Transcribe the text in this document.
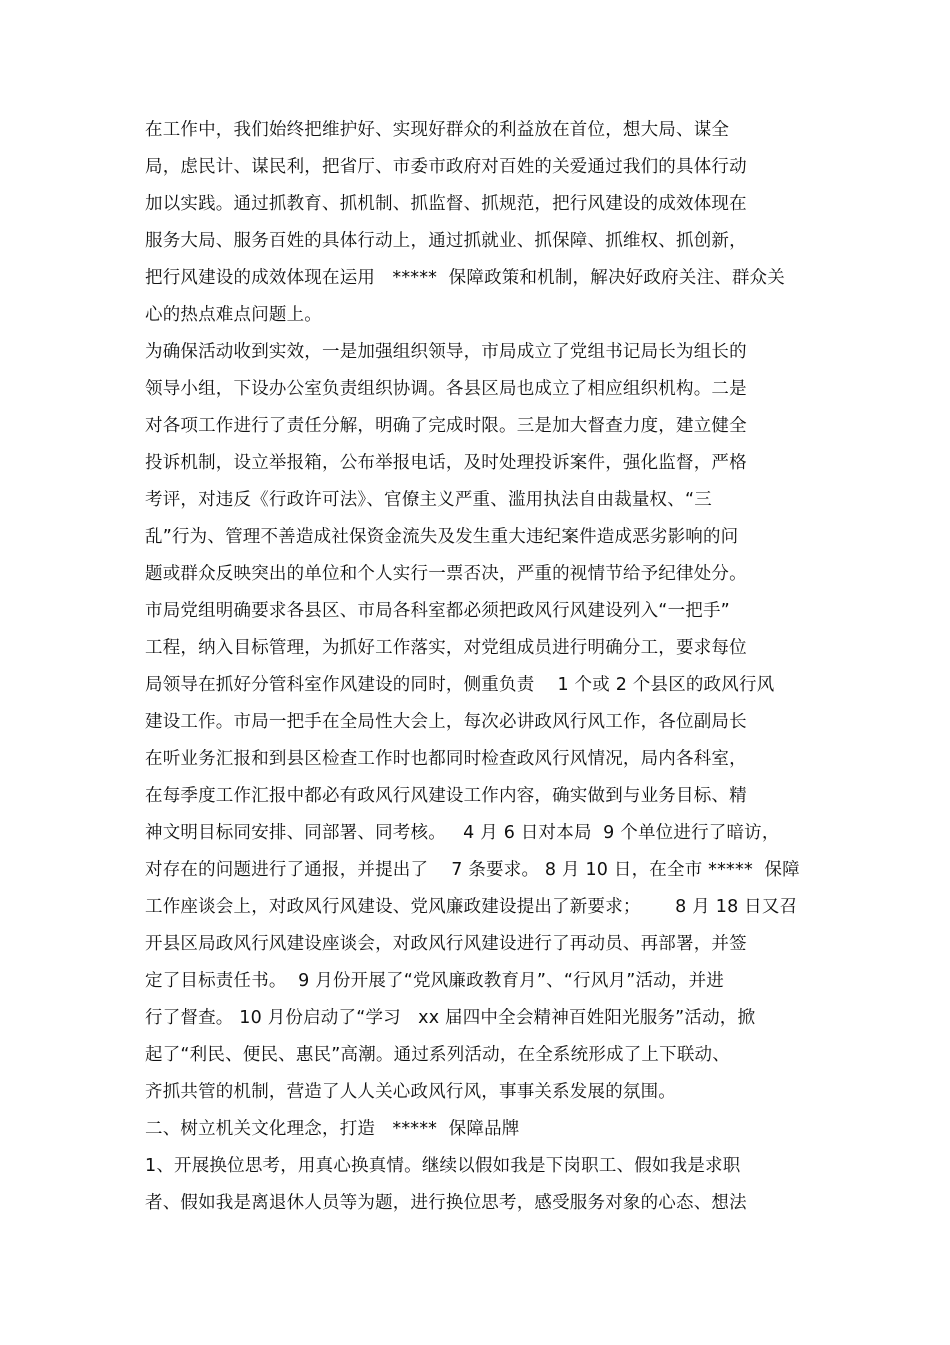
在工作中，我们始终把维护好、实现好群众的利益放在首位，想大局、谋全
局，虑民计、谋民利，把省厅、市委市政府对百姓的关爱通过我们的具体行动
加以实践。通过抓教育、抓机制、抓监督、抓规范，把行风建设的成效体现在
服务大局、服务百姓的具体行动上，通过抓就业、抓保障、抓维权、抓创新，
把行风建设的成效体现在运用   *****  保障政策和机制，解决好政府关注、群众关
心的热点难点问题上。
为确保活动收到实效，一是加强组织领导，市局成立了党组书记局长为组长的
领导小组，下设办公室负责组织协调。各县区局也成立了相应组织机构。二是
对各项工作进行了责任分解，明确了完成时限。三是加大督查力度，建立健全
投诉机制，设立举报箱，公布举报电话，及时处理投诉案件，强化监督，严格
考评，对违反《行政许可法》、官僚主义严重、滥用执法自由裁量权、“三
乱”行为、管理不善造成社保资金流失及发生重大违纪案件造成恶劣影响的问
题或群众反映突出的单位和个人实行一票否决，严重的视情节给予纪律处分。
市局党组明确要求各县区、市局各科室都必须把政风行风建设列入“一把手”
工程，纳入目标管理，为抓好工作落实，对党组成员进行明确分工，要求每位
局领导在抓好分管科室作风建设的同时，侧重负责    1 个或 2 个县区的政风行风
建设工作。市局一把手在全局性大会上，每次必讲政风行风工作，各位副局长
在听业务汇报和到县区检查工作时也都同时检查政风行风情况，局内各科室，
在每季度工作汇报中都必有政风行风建设工作内容，确实做到与业务目标、精
神文明目标同安排、同部署、同考核。   4 月 6 日对本局  9 个单位进行了暗访，
对存在的问题进行了通报，并提出了    7 条要求。 8 月 10 日，在全市 *****  保障
工作座谈会上，对政风行风建设、党风廉政建设提出了新要求；      8 月 18 日又召
开县区局政风行风建设座谈会，对政风行风建设进行了再动员、再部署，并签
定了目标责任书。  9 月份开展了“党风廉政教育月”、“行风月”活动，并进
行了督查。 10 月份启动了“学习   xx 届四中全会精神百姓阳光服务”活动，掀
起了“利民、便民、惠民”高潮。通过系列活动，在全系统形成了上下联动、
齐抓共管的机制，营造了人人关心政风行风，事事关系发展的氛围。
二、树立机关文化理念，打造   *****  保障品牌
1、开展换位思考，用真心换真情。继续以假如我是下岗职工、假如我是求职
者、假如我是离退休人员等为题，进行换位思考，感受服务对象的心态、想法
